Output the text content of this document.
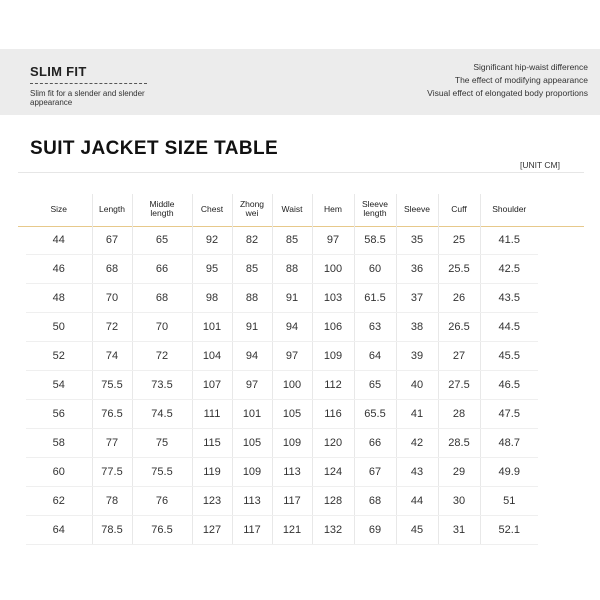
SLIM FIT
Slim fit for a slender and slender appearance
Significant hip-waist difference
The effect of modifying appearance
Visual effect of elongated body proportions
SUIT JACKET SIZE TABLE
[UNIT CM]
Size	Length	Middle length	Chest	Zhong wei	Waist	Hem	Sleeve length	Sleeve	Cuff	Shoulder
44	67	65	92	82	85	97	58.5	35	25	41.5
46	68	66	95	85	88	100	60	36	25.5	42.5
48	70	68	98	88	91	103	61.5	37	26	43.5
50	72	70	101	91	94	106	63	38	26.5	44.5
52	74	72	104	94	97	109	64	39	27	45.5
54	75.5	73.5	107	97	100	112	65	40	27.5	46.5
56	76.5	74.5	111	101	105	116	65.5	41	28	47.5
58	77	75	115	105	109	120	66	42	28.5	48.7
60	77.5	75.5	119	109	113	124	67	43	29	49.9
62	78	76	123	113	117	128	68	44	30	51
64	78.5	76.5	127	117	121	132	69	45	31	52.1
